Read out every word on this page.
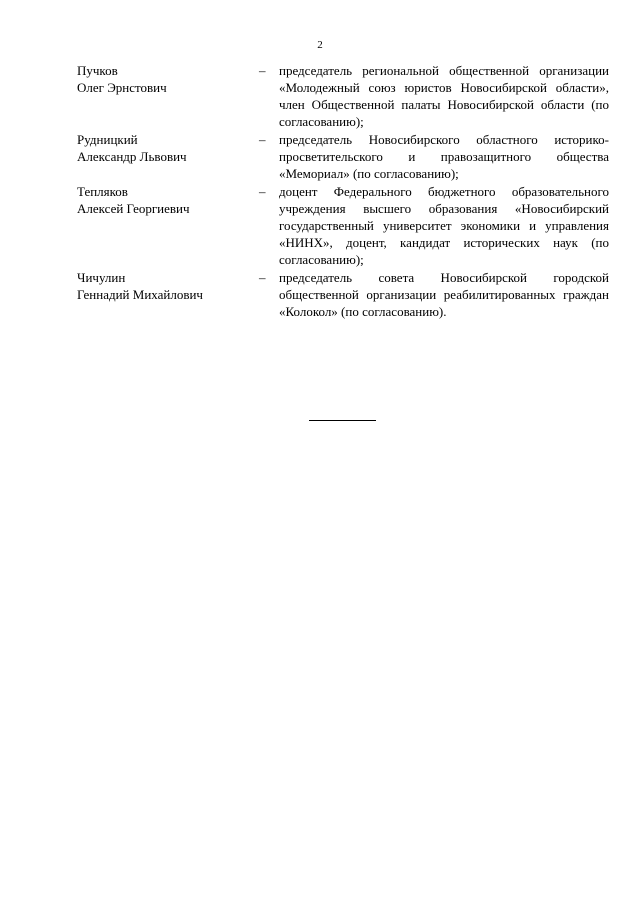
2
Пучков
Олег Эрнстович
–	председатель региональной общественной организации «Молодежный союз юристов Новосибирской области», член Общественной палаты Новосибирской области (по согласованию);
Рудницкий
Александр Львович
–	председатель Новосибирского областного историко-просветительского и правозащитного общества «Мемориал» (по согласованию);
Тепляков
Алексей Георгиевич
–	доцент Федерального бюджетного образовательного учреждения высшего образования «Новосибирский государственный университет экономики и управления «НИНХ», доцент, кандидат исторических наук (по согласованию);
Чичулин
Геннадий Михайлович
–	председатель совета Новосибирской городской общественной организации реабилитированных граждан «Колокол» (по согласованию).
